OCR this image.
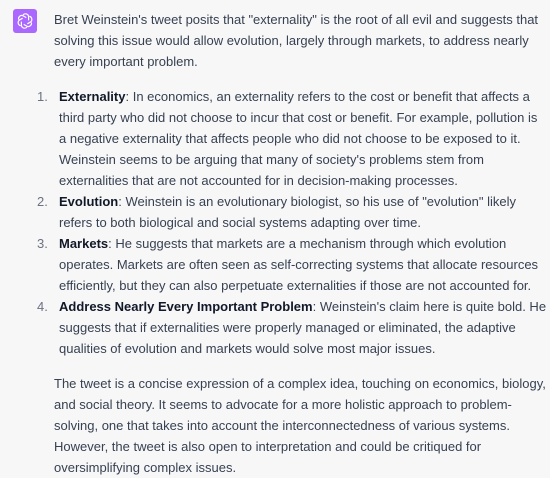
Bret Weinstein's tweet posits that "externality" is the root of all evil and suggests that solving this issue would allow evolution, largely through markets, to address nearly every important problem.

1. Externality: In economics, an externality refers to the cost or benefit that affects a third party who did not choose to incur that cost or benefit. For example, pollution is a negative externality that affects people who did not choose to be exposed to it. Weinstein seems to be arguing that many of society's problems stem from externalities that are not accounted for in decision-making processes.
2. Evolution: Weinstein is an evolutionary biologist, so his use of "evolution" likely refers to both biological and social systems adapting over time.
3. Markets: He suggests that markets are a mechanism through which evolution operates. Markets are often seen as self-correcting systems that allocate resources efficiently, but they can also perpetuate externalities if those are not accounted for.
4. Address Nearly Every Important Problem: Weinstein's claim here is quite bold. He suggests that if externalities were properly managed or eliminated, the adaptive qualities of evolution and markets would solve most major issues.

The tweet is a concise expression of a complex idea, touching on economics, biology, and social theory. It seems to advocate for a more holistic approach to problem-solving, one that takes into account the interconnectedness of various systems. However, the tweet is also open to interpretation and could be critiqued for oversimplifying complex issues.
